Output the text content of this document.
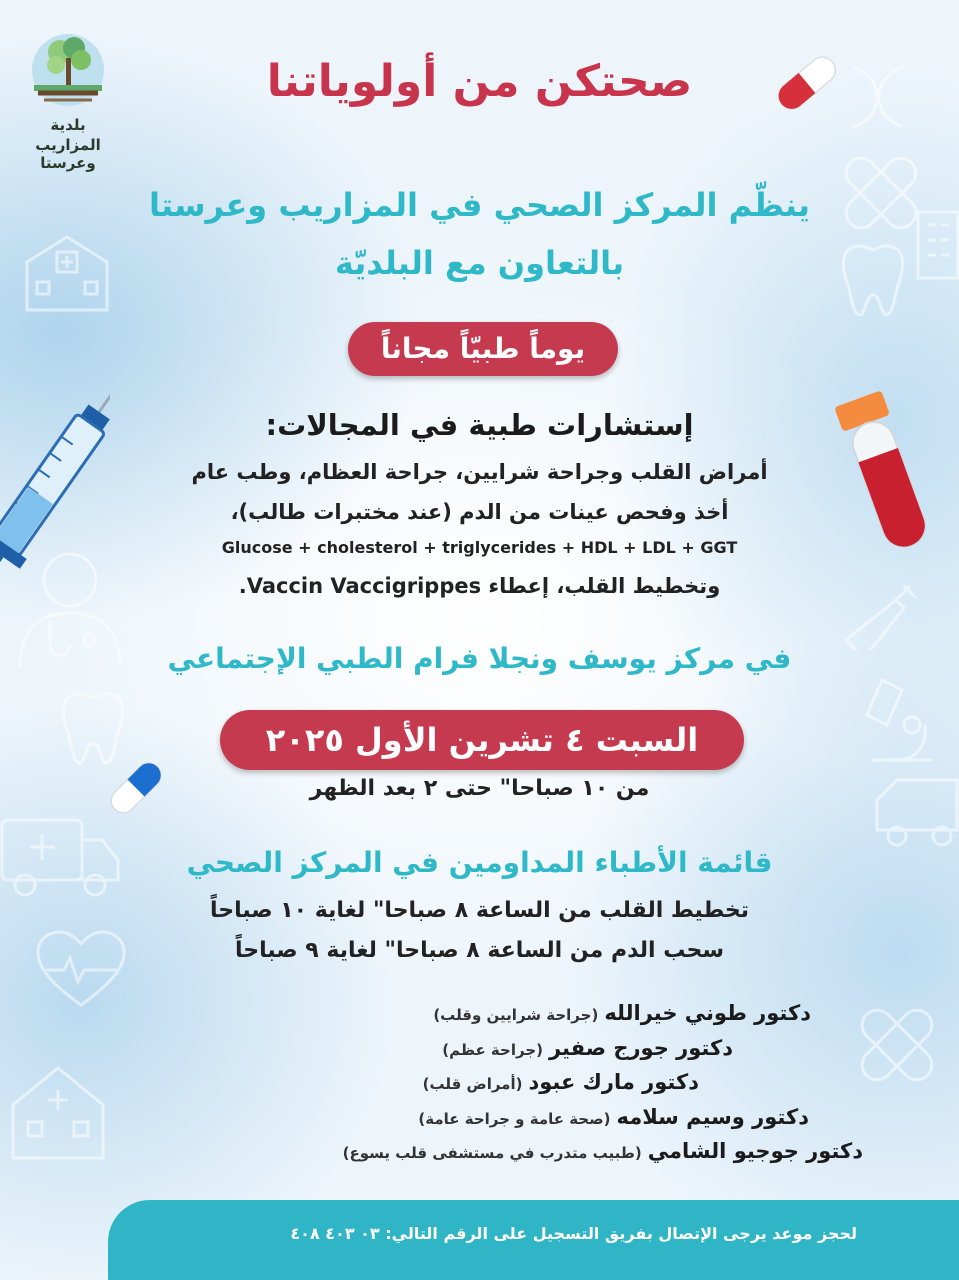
بلدية
المزاريب وعرستا
صحتكن من أولوياتنا
ينظّم المركز الصحي في المزاريب وعرستا
بالتعاون مع البلديّة
يوماً طبيّاً مجاناً
إستشارات طبية في المجالات:
أمراض القلب وجراحة شرايين، جراحة العظام، وطب عام
أخذ وفحص عينات من الدم (عند مختبرات طالب)،
Glucose + cholesterol + triglycerides + HDL + LDL + GGT
وتخطيط القلب، إعطاء Vaccin Vaccigrippes.
في مركز يوسف ونجلا فرام الطبي الإجتماعي
السبت ٤ تشرين الأول ٢٠٢٥
من ١٠ صباحا" حتى ٢ بعد الظهر
قائمة الأطباء المداومين في المركز الصحي
تخطيط القلب من الساعة ٨ صباحا" لغاية ١٠ صباحاً
سحب الدم من الساعة ٨ صباحا" لغاية ٩ صباحاً
دكتور طوني خيرالله(جراحة شرايين وقلب)
دكتور جورج صفير(جراحة عظم)
دكتور مارك عبود(أمراض قلب)
دكتور وسيم سلامه(صحة عامة و جراحة عامة)
دكتور جوجيو الشامي(طبيب متدرب في مستشفى قلب يسوع)
لحجز موعد يرجى الإتصال بفريق التسجيل على الرقم التالي: ٠٣ ٤٠٣ ٤٠٨
